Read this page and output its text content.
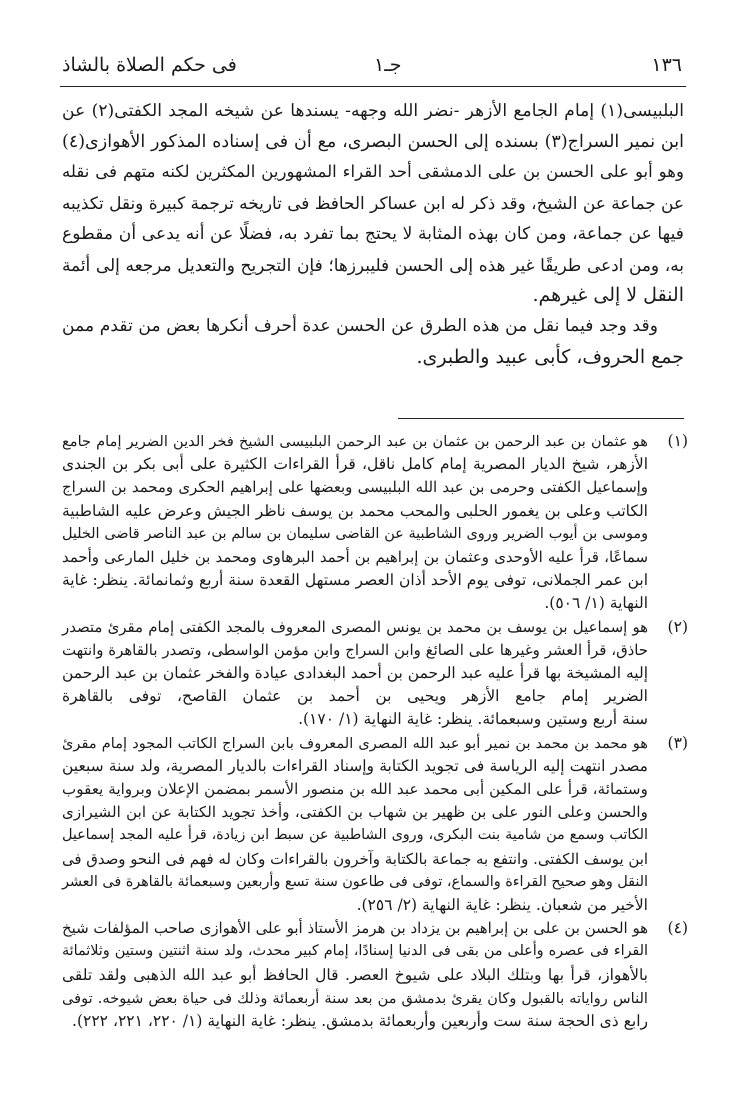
١٣٦
جـ١
فى حكم الصلاة بالشاذ
البلبيسى(١) إمام الجامع الأزهر -نضر الله وجهه- يسندها عن شيخه المجد الكفتى(٢) عن
ابن نمير السراج(٣) بسنده إلى الحسن البصرى، مع أن فى إسناده المذكور الأهوازى(٤)
وهو أبو على الحسن بن على الدمشقى أحد القراء المشهورين المكثرين لكنه متهم فى نقله
عن جماعة عن الشيخ، وقد ذكر له ابن عساكر الحافظ فى تاريخه ترجمة كبيرة ونقل تكذيبه
فيها عن جماعة، ومن كان بهذه المثابة لا يحتج بما تفرد به، فضلًا عن أنه يدعى أن مقطوع
به، ومن ادعى طريقًا غير هذه إلى الحسن فليبرزها؛ فإن التجريح والتعديل مرجعه إلى أئمة
النقل لا إلى غيرهم.
وقد وجد فيما نقل من هذه الطرق عن الحسن عدة أحرف أنكرها بعض من تقدم ممن
جمع الحروف، كأبى عبيد والطبرى.
(١)
هو عثمان بن عبد الرحمن بن عثمان بن عبد الرحمن البلبيسى الشيخ فخر الدين الضرير إمام جامع
الأزهر، شيخ الديار المصرية إمام كامل ناقل، قرأ القراءات الكثيرة على أبى بكر بن الجندى
وإسماعيل الكفتى وحرمى بن عبد الله البلبيسى وبعضها على إبراهيم الحكرى ومحمد بن السراج
الكاتب وعلى بن يغمور الحلبى والمحب محمد بن يوسف ناظر الجيش وعرض عليه الشاطبية
وموسى بن أيوب الضرير وروى الشاطبية عن القاضى سليمان بن سالم بن عبد الناصر قاضى الخليل
سماعًا، قرأ عليه الأوحدى وعثمان بن إبراهيم بن أحمد البرهاوى ومحمد بن خليل المارعى وأحمد
ابن عمر الجملانى، توفى يوم الأحد أذان العصر مستهل القعدة سنة أربع وثمانمائة. ينظر: غاية
النهاية (١/ ٥٠٦).
(٢)
هو إسماعيل بن يوسف بن محمد بن يونس المصرى المعروف بالمجد الكفتى إمام مقرئ متصدر
حاذق، قرأ العشر وغيرها على الصائغ وابن السراج وابن مؤمن الواسطى، وتصدر بالقاهرة وانتهت
إليه المشيخة بها قرأ عليه عبد الرحمن بن أحمد البغدادى عيادة والفخر عثمان بن عبد الرحمن
الضرير إمام جامع الأزهر ويحيى بن أحمد بن عثمان القاصح، توفى بالقاهرة
سنة أربع وستين وسبعمائة. ينظر: غاية النهاية (١/ ١٧٠).
(٣)
هو محمد بن محمد بن نمير أبو عبد الله المصرى المعروف بابن السراج الكاتب المجود إمام مقرئ
مصدر انتهت إليه الرياسة فى تجويد الكتابة وإسناد القراءات بالديار المصرية، ولد سنة سبعين
وستمائة، قرأ على المكين أبى محمد عبد الله بن منصور الأسمر بمضمن الإعلان وبرواية يعقوب
والحسن وعلى النور على بن ظهير بن شهاب بن الكفتى، وأخذ تجويد الكتابة عن ابن الشيرازى
الكاتب وسمع من شامية بنت البكرى، وروى الشاطبية عن سبط ابن زيادة، قرأ عليه المجد إسماعيل
ابن يوسف الكفتى. وانتفع به جماعة بالكتابة وآخرون بالقراءات وكان له فهم فى النحو وصدق فى
النقل وهو صحيح القراءة والسماع، توفى فى طاعون سنة تسع وأربعين وسبعمائة بالقاهرة فى العشر
الأخير من شعبان. ينظر: غاية النهاية (٢/ ٢٥٦).
(٤)
هو الحسن بن على بن إبراهيم بن يزداد بن هرمز الأستاذ أبو على الأهوازى صاحب المؤلفات شيخ
القراء فى عصره وأعلى من بقى فى الدنيا إسنادًا، إمام كبير محدث، ولد سنة اثنتين وستين وثلاثمائة
بالأهواز، قرأ بها وبتلك البلاد على شيوخ العصر. قال الحافظ أبو عبد الله الذهبى ولقد تلقى
الناس رواياته بالقبول وكان يقرئ بدمشق من بعد سنة أربعمائة وذلك فى حياة بعض شيوخه. توفى
رابع ذى الحجة سنة ست وأربعين وأربعمائة بدمشق. ينظر: غاية النهاية (١/ ٢٢٠، ٢٢١، ٢٢٢).
